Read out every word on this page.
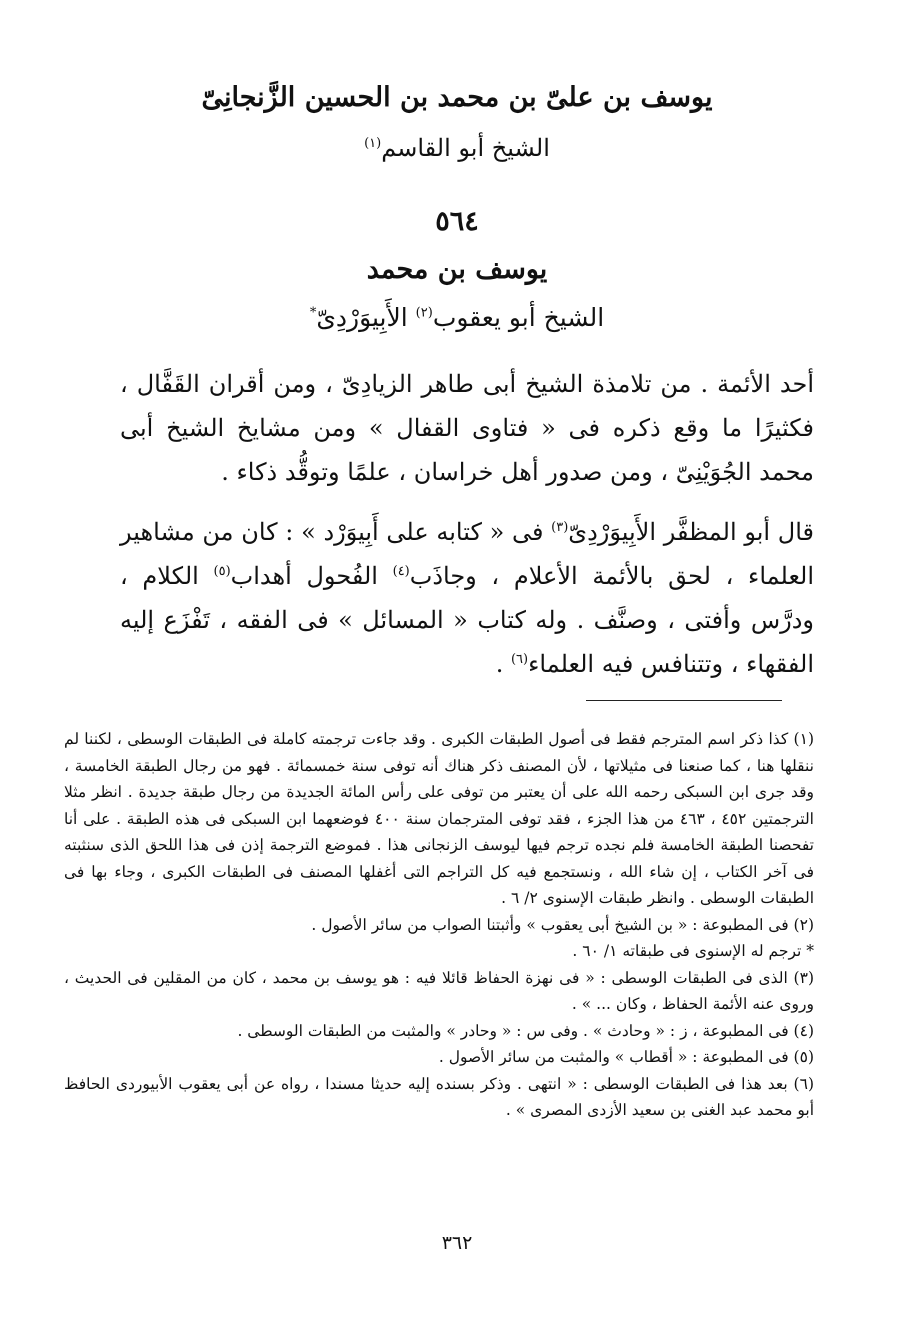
يوسف بن علىّ بن محمد بن الحسين الزَّنجانِىّ
الشيخ أبو القاسم$^{(١)}$
٥٦٤
يوسف بن محمد
الشيخ أبو يعقوب$^{(٢)}$ الأَبِيوَرْدِىّ*
أحد الأئمة . من تلامذة الشيخ أبى طاهر الزيادِىّ ، ومن أقران القَفَّال ، فكثيرًا ما وقع ذكره فى « فتاوى القفال » ومن مشايخ الشيخ أبى محمد الجُوَيْنِىّ ، ومن صدور أهل خراسان ، علمًا وتوقُّد ذكاء .
قال أبو المظفَّر الأَبِيوَرْدِىّ$^{(٣)}$ فى « كتابه على أَبِيوَرْد » : كان من مشاهير العلماء ، لحق بالأئمة الأعلام ، وجاذَب$^{(٤)}$ الفُحول أهداب$^{(٥)}$ الكلام ، ودرَّس وأفتى ، وصنَّف . وله كتاب « المسائل » فى الفقه ، تَفْزَع إليه الفقهاء ، وتتنافس فيه العلماء$^{(٦)}$ .

(١) كذا ذكر اسم المترجم فقط فى أصول الطبقات الكبرى . وقد جاءت ترجمته كاملة فى الطبقات الوسطى ، لكننا لم ننقلها هنا ، كما صنعنا فى مثيلاتها ، لأن المصنف ذكر هناك أنه توفى سنة خمسمائة . فهو من رجال الطبقة الخامسة ، وقد جرى ابن السبكى رحمه الله على أن يعتبر من توفى على رأس المائة الجديدة من رجال طبقة جديدة . انظر مثلا الترجمتين ٤٥٢ ، ٤٦٣ من هذا الجزء ، فقد توفى المترجمان سنة ٤٠٠ فوضعهما ابن السبكى فى هذه الطبقة . على أنا تفحصنا الطبقة الخامسة فلم نجده ترجم فيها ليوسف الزنجانى هذا . فموضع الترجمة إذن فى هذا اللحق الذى سنثبته فى آخر الكتاب ، إن شاء الله ، ونستجمع فيه كل التراجم التى أغفلها المصنف فى الطبقات الكبرى ، وجاء بها فى الطبقات الوسطى . وانظر طبقات الإسنوى ٢/ ٦ .

(٢) فى المطبوعة : « بن الشيخ أبى يعقوب » وأثبتنا الصواب من سائر الأصول .

* ترجم له الإسنوى فى طبقاته ١/ ٦٠ .

(٣) الذى فى الطبقات الوسطى : « فى نهزة الحفاظ قائلا فيه : هو يوسف بن محمد ، كان من المقلين فى الحديث ، وروى عنه الأئمة الحفاظ ، وكان ... » .

(٤) فى المطبوعة ، ز : « وحادث » . وفى س : « وحادر » والمثبت من الطبقات الوسطى .

(٥) فى المطبوعة : « أقطاب » والمثبت من سائر الأصول .

(٦) بعد هذا فى الطبقات الوسطى : « انتهى . وذكر بسنده إليه حديثا مسندا ، رواه عن أبى يعقوب الأبيوردى الحافظ أبو محمد عبد الغنى بن سعيد الأزدى المصرى » .

٣٦٢
